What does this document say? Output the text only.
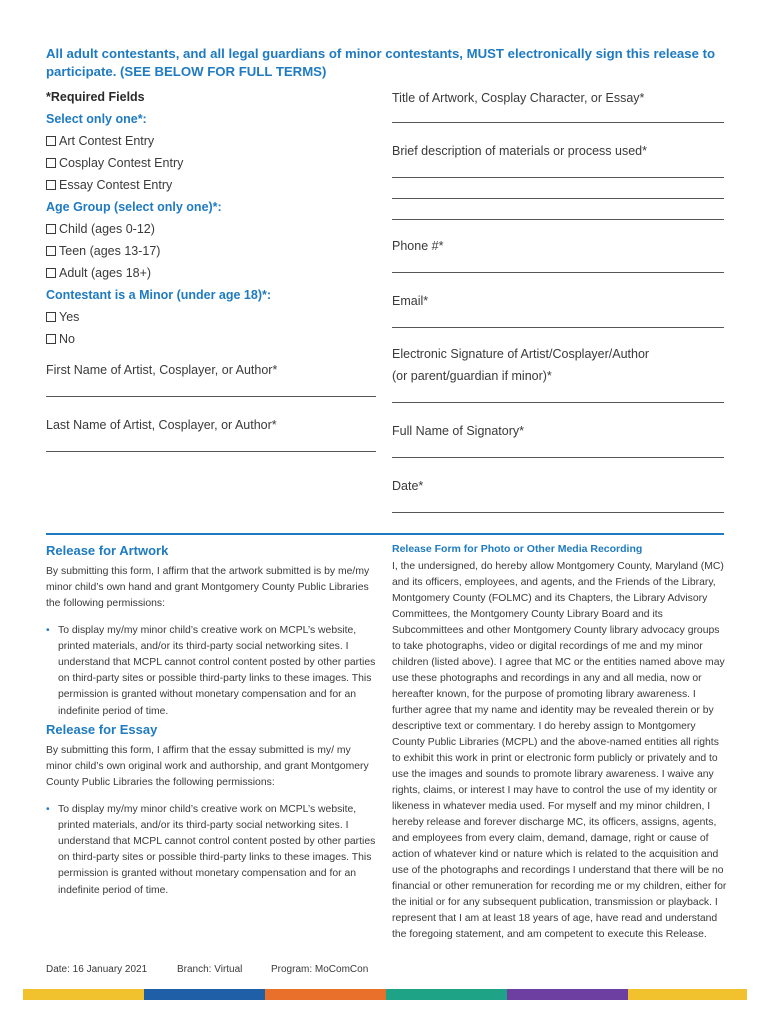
All adult contestants, and all legal guardians of minor contestants, MUST electronically sign this release to participate. (SEE BELOW FOR FULL TERMS)
*Required Fields
Select only one*:
Art Contest Entry
Cosplay Contest Entry
Essay Contest Entry
Age Group (select only one)*:
Child (ages 0-12)
Teen (ages 13-17)
Adult (ages 18+)
Contestant is a Minor (under age 18)*:
Yes
No
First Name of Artist, Cosplayer, or Author*
Last Name of Artist, Cosplayer, or Author*
Title of Artwork, Cosplay Character, or Essay*
Brief description of materials or process used*
Phone #*
Email*
Electronic Signature of Artist/Cosplayer/Author
(or parent/guardian if minor)*
Full Name of Signatory*
Date*
Release for Artwork
By submitting this form, I affirm that the artwork submitted is by me/my minor child’s own hand and grant Montgomery County Public Libraries the following permissions:
• To display my/my minor child’s creative work on MCPL’s website, printed materials, and/or its third-party social networking sites. I understand that MCPL cannot control content posted by other parties on third-party sites or possible third-party links to these images. This permission is granted without monetary compensation and for an indefinite period of time.
Release for Essay
By submitting this form, I affirm that the essay submitted is my/ my minor child’s own original work and authorship, and grant Montgomery County Public Libraries the following permissions:
• To display my/my minor child’s creative work on MCPL’s website, printed materials, and/or its third-party social networking sites. I understand that MCPL cannot control content posted by other parties on third-party sites or possible third-party links to these images. This permission is granted without monetary compensation and for an indefinite period of time.
Release Form for Photo or Other Media Recording
I, the undersigned, do hereby allow Montgomery County, Maryland (MC) and its officers, employees, and agents, and the Friends of the Library, Montgomery County (FOLMC) and its Chapters, the Library Advisory Committees, the Montgomery County Library Board and its Subcommittees and other Montgomery County library advocacy groups to take photographs, video or digital recordings of me and my minor children (listed above). I agree that MC or the entities named above may use these photographs and recordings in any and all media, now or hereafter known, for the purpose of promoting library awareness. I further agree that my name and identity may be revealed therein or by descriptive text or commentary. I do hereby assign to Montgomery County Public Libraries (MCPL) and the above-named entities all rights to exhibit this work in print or electronic form publicly or privately and to use the images and sounds to promote library awareness. I waive any rights, claims, or interest I may have to control the use of my identity or likeness in whatever media used. For myself and my minor children, I hereby release and forever discharge MC, its officers, assigns, agents, and employees from every claim, demand, damage, right or cause of action of whatever kind or nature which is related to the acquisition and use of the photographs and recordings I understand that there will be no financial or other remuneration for recording me or my children, either for the initial or for any subsequent publication, transmission or playback. I represent that I am at least 18 years of age, have read and understand the foregoing statement, and am competent to execute this Release.
Date: 16 January 2021	Branch: Virtual	Program: MoComCon
